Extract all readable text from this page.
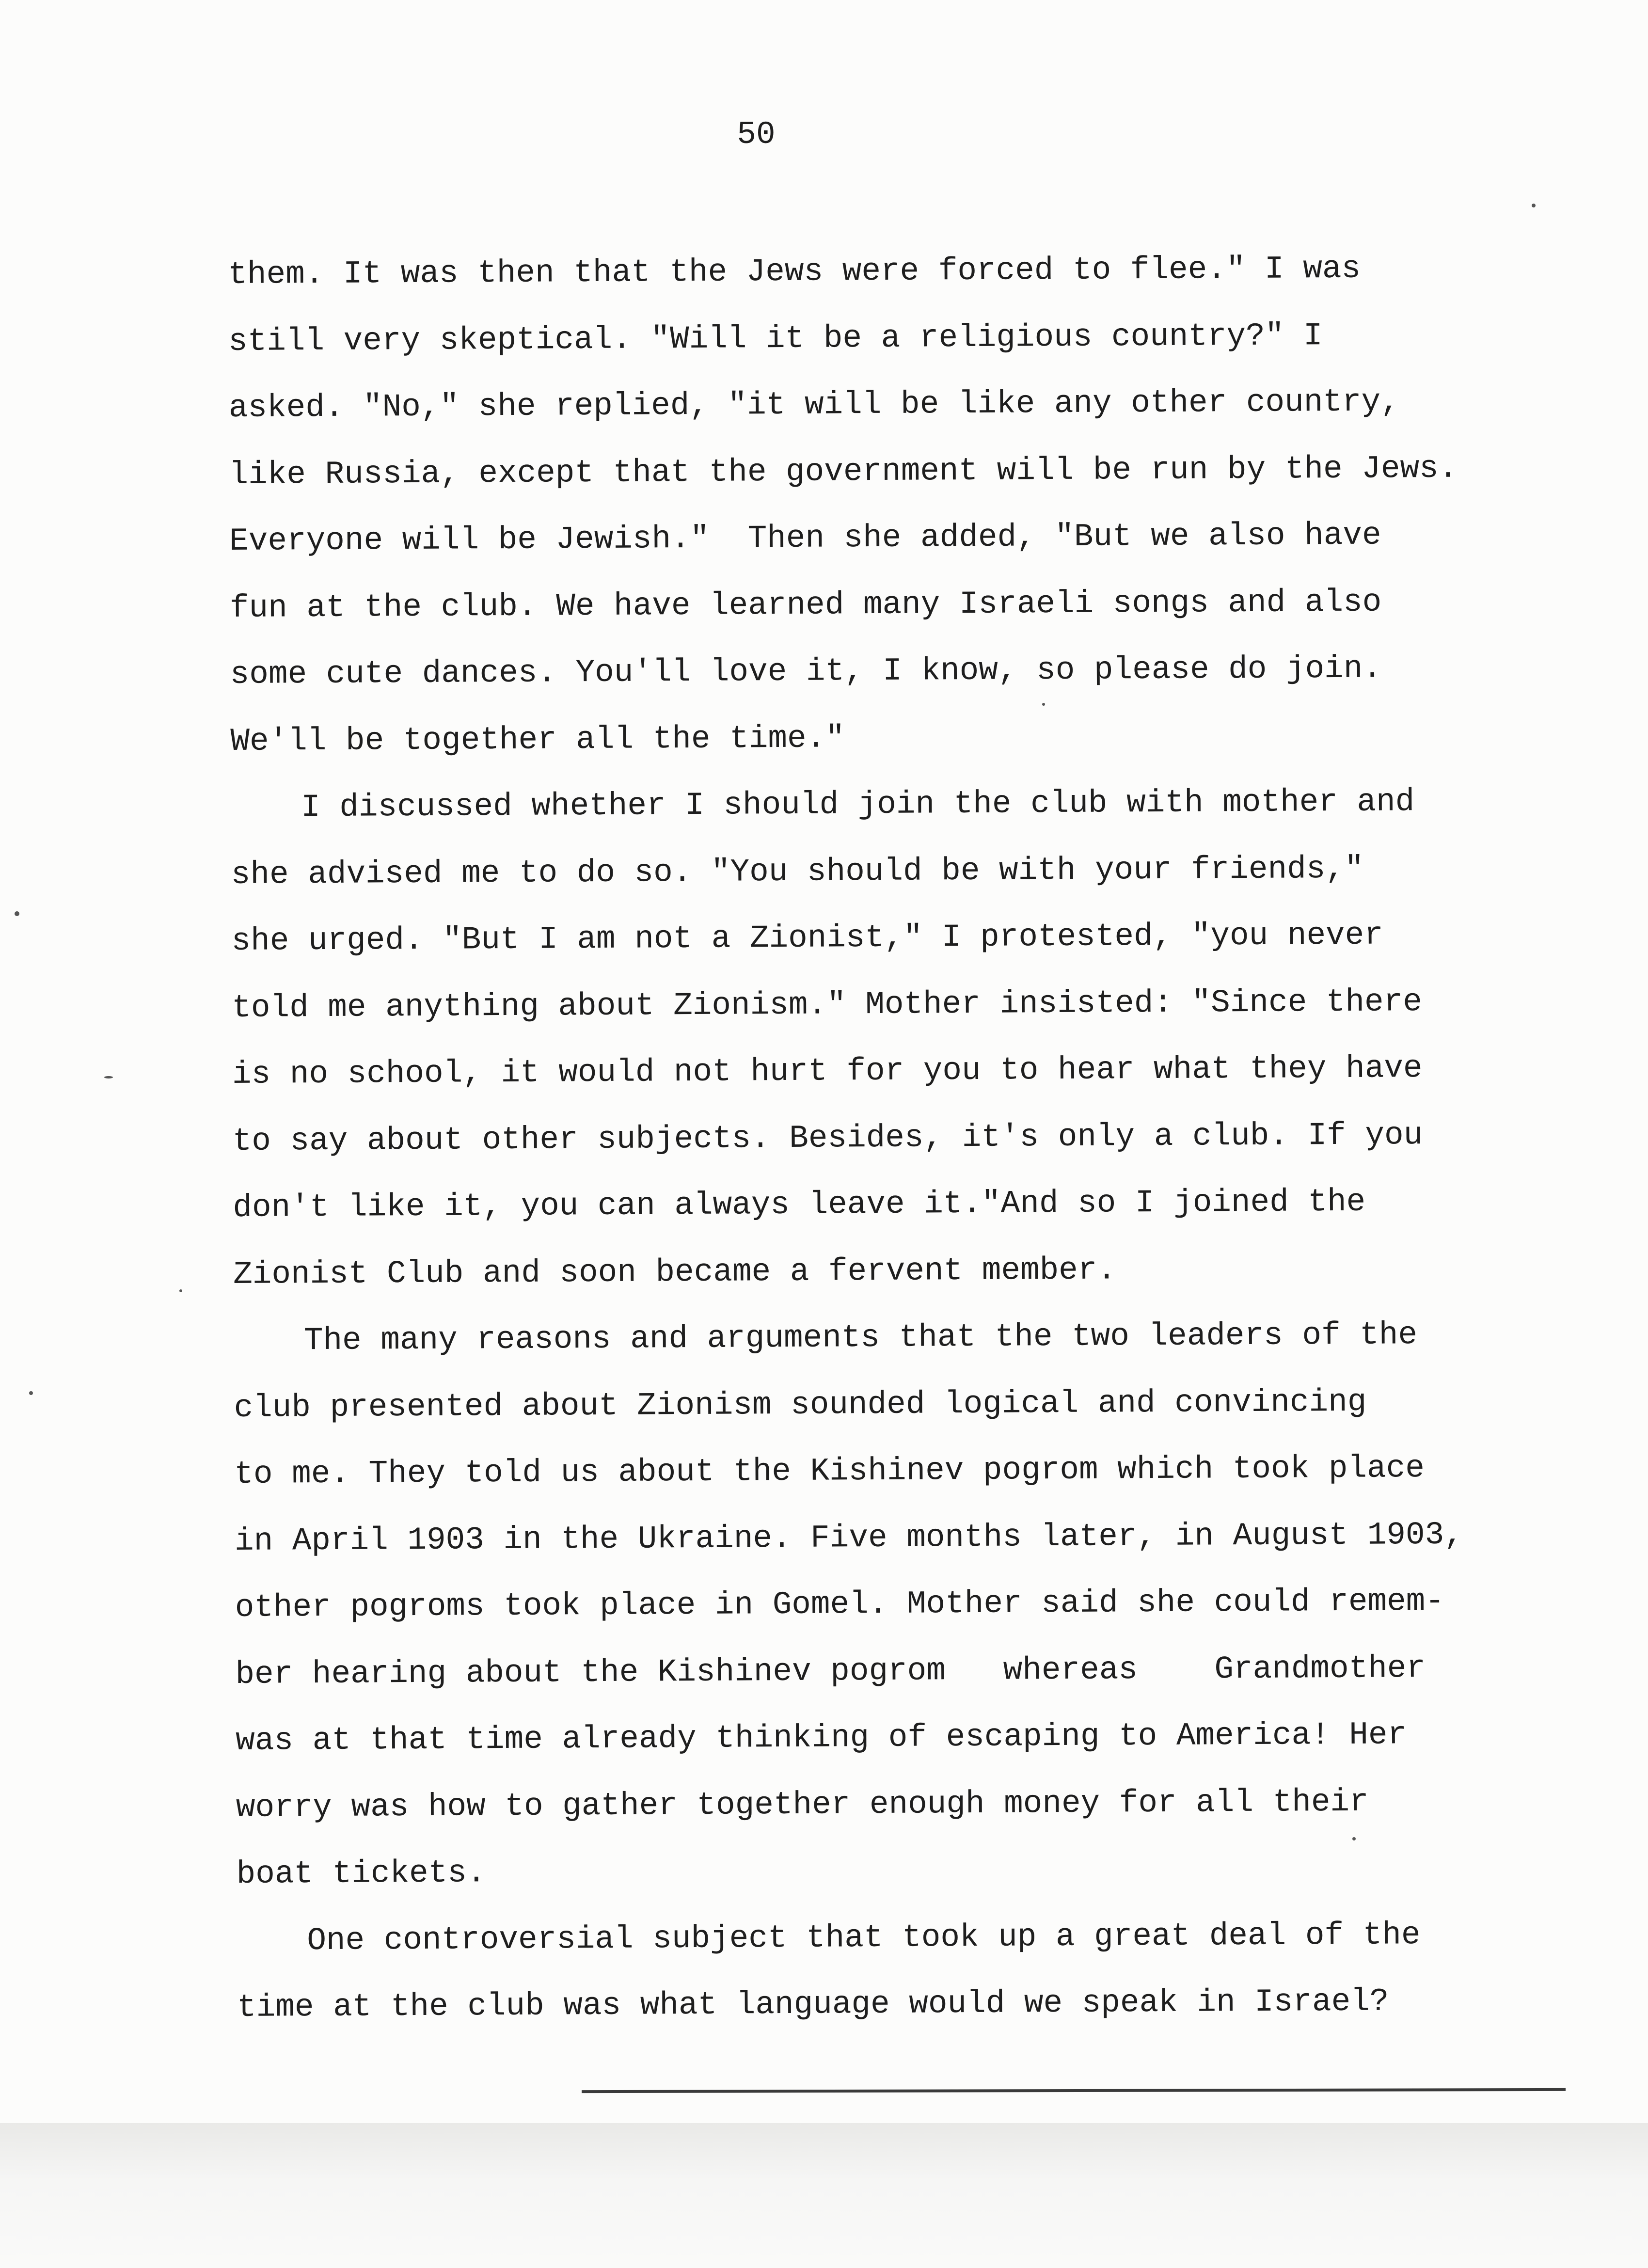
50
them. It was then that the Jews were forced to flee." I was
still very skeptical. "Will it be a religious country?" I
asked. "No," she replied, "it will be like any other country,
like Russia, except that the government will be run by the Jews.
Everyone will be Jewish."  Then she added, "But we also have
fun at the club. We have learned many Israeli songs and also
some cute dances. You'll love it, I know, so please do join.
We'll be together all the time."
I discussed whether I should join the club with mother and
she advised me to do so. "You should be with your friends,"
she urged. "But I am not a Zionist," I protested, "you never
told me anything about Zionism." Mother insisted: "Since there
is no school, it would not hurt for you to hear what they have
to say about other subjects. Besides, it's only a club. If you
don't like it, you can always leave it."And so I joined the
Zionist Club and soon became a fervent member.
The many reasons and arguments that the two leaders of the
club presented about Zionism sounded logical and convincing
to me. They told us about the Kishinev pogrom which took place
in April 1903 in the Ukraine. Five months later, in August 1903,
other pogroms took place in Gomel. Mother said she could remem-
ber hearing about the Kishinev pogrom   whereas    Grandmother
was at that time already thinking of escaping to America! Her
worry was how to gather together enough money for all their
boat tickets.
One controversial subject that took up a great deal of the
time at the club was what language would we speak in Israel?
